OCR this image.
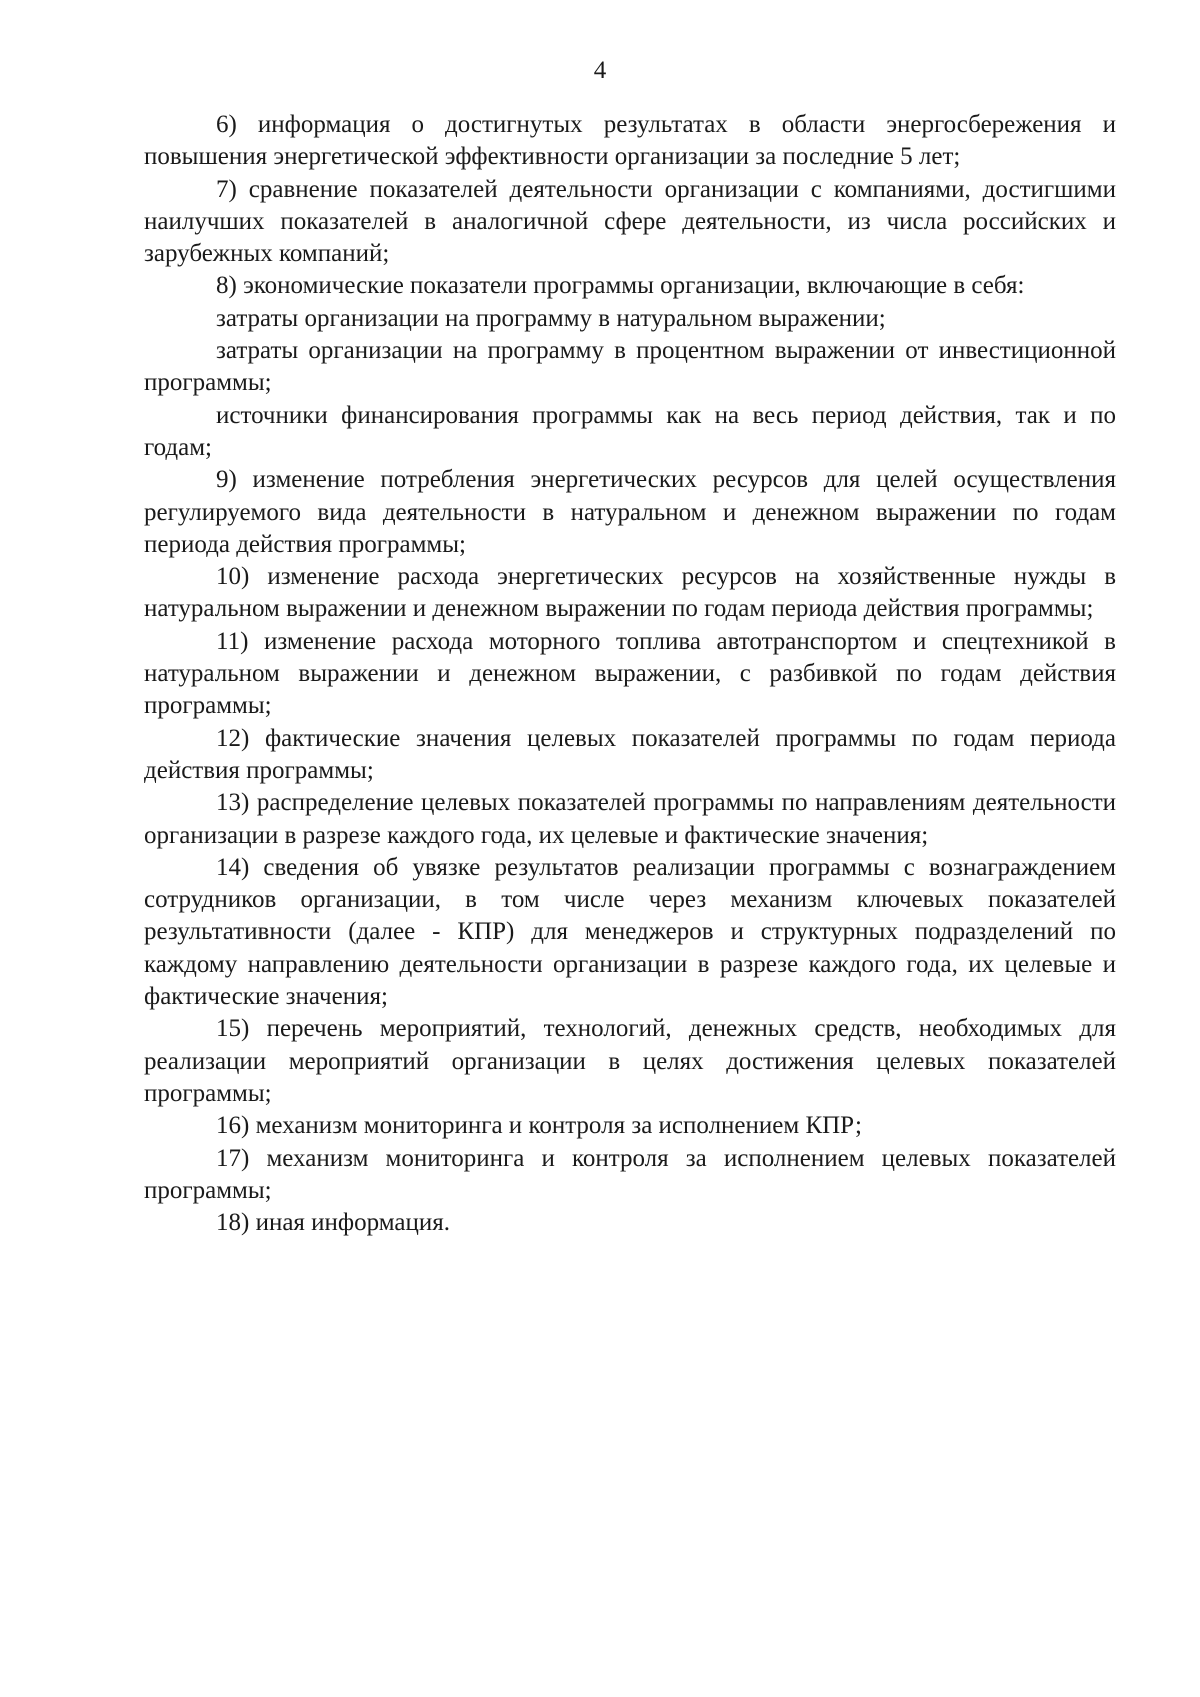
4

6) информация о достигнутых результатах в области энергосбережения и повышения энергетической эффективности организации за последние 5 лет;

7) сравнение показателей деятельности организации с компаниями, достигшими наилучших показателей в аналогичной сфере деятельности, из числа российских и зарубежных компаний;

8) экономические показатели программы организации, включающие в себя:

затраты организации на программу в натуральном выражении;

затраты организации на программу в процентном выражении от инвестиционной программы;

источники финансирования программы как на весь период действия, так и по годам;

9) изменение потребления энергетических ресурсов для целей осуществления регулируемого вида деятельности в натуральном и денежном выражении по годам периода действия программы;

10) изменение расхода энергетических ресурсов на хозяйственные нужды в натуральном выражении и денежном выражении по годам периода действия программы;

11) изменение расхода моторного топлива автотранспортом и спецтехникой в натуральном выражении и денежном выражении, с разбивкой по годам действия программы;

12) фактические значения целевых показателей программы по годам периода действия программы;

13) распределение целевых показателей программы по направлениям деятельности организации в разрезе каждого года, их целевые и фактические значения;

14) сведения об увязке результатов реализации программы с вознаграждением сотрудников организации, в том числе через механизм ключевых показателей результативности (далее - КПР) для менеджеров и структурных подразделений по каждому направлению деятельности организации в разрезе каждого года, их целевые и фактические значения;

15) перечень мероприятий, технологий, денежных средств, необходимых для реализации мероприятий организации в целях достижения целевых показателей программы;

16) механизм мониторинга и контроля за исполнением КПР;

17) механизм мониторинга и контроля за исполнением целевых показателей программы;

18) иная информация.
